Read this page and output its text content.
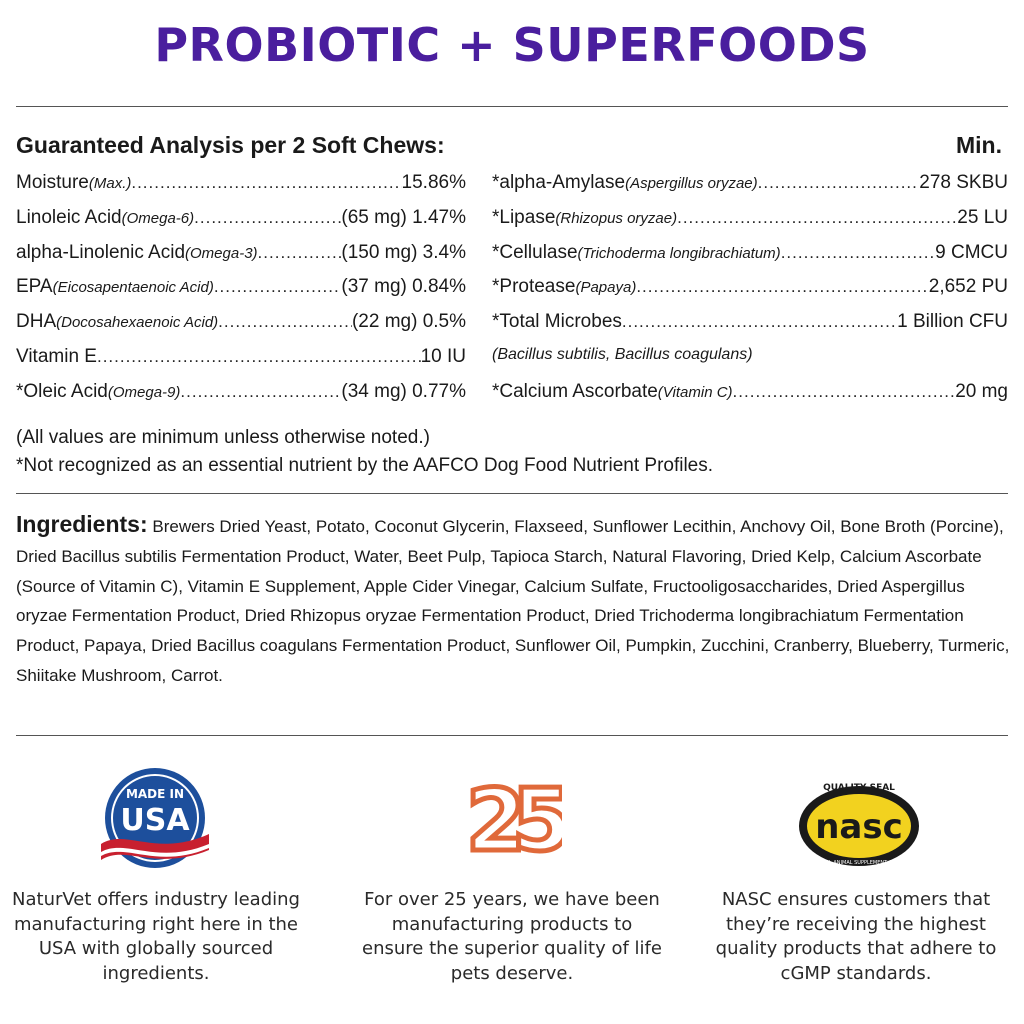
PROBIOTIC + SUPERFOODS
Guaranteed Analysis per 2 Soft Chews:	Min.
Moisture (Max.) .....	15.86%
Linoleic Acid (Omega-6) .....	(65 mg) 1.47%
alpha-Linolenic Acid (Omega-3) .....	(150 mg) 3.4%
EPA (Eicosapentaenoic Acid) .....	(37 mg) 0.84%
DHA (Docosahexaenoic Acid) .....	(22 mg) 0.5%
Vitamin E .....	10 IU
*Oleic Acid (Omega-9) .....	(34 mg) 0.77%
*alpha-Amylase (Aspergillus oryzae) .....	278 SKBU
*Lipase (Rhizopus oryzae) .....	25 LU
*Cellulase (Trichoderma longibrachiatum) .....	9 CMCU
*Protease (Papaya) .....	2,652 PU
*Total Microbes .....	1 Billion CFU
(Bacillus subtilis, Bacillus coagulans)
*Calcium Ascorbate (Vitamin C) .....	20 mg
(All values are minimum unless otherwise noted.)
*Not recognized as an essential nutrient by the AAFCO Dog Food Nutrient Profiles.
Ingredients: Brewers Dried Yeast, Potato, Coconut Glycerin, Flaxseed, Sunflower Lecithin, Anchovy Oil, Bone Broth (Porcine), Dried Bacillus subtilis Fermentation Product, Water, Beet Pulp, Tapioca Starch, Natural Flavoring, Dried Kelp, Calcium Ascorbate (Source of Vitamin C), Vitamin E Supplement, Apple Cider Vinegar, Calcium Sulfate, Fructooligosaccharides, Dried Aspergillus oryzae Fermentation Product, Dried Rhizopus oryzae Fermentation Product, Dried Trichoderma longibrachiatum Fermentation Product, Papaya, Dried Bacillus coagulans Fermentation Product, Sunflower Oil, Pumpkin, Zucchini, Cranberry, Blueberry, Turmeric, Shiitake Mushroom, Carrot.
MADE IN
USA
NaturVet offers industry leading manufacturing right here in the USA with globally sourced ingredients.
25
For over 25 years, we have been manufacturing products to ensure the superior quality of life pets deserve.
QUALITY SEAL
nasc
NATIONAL ANIMAL SUPPLEMENT COUNCIL
NASC ensures customers that they’re receiving the highest quality products that adhere to cGMP standards.
